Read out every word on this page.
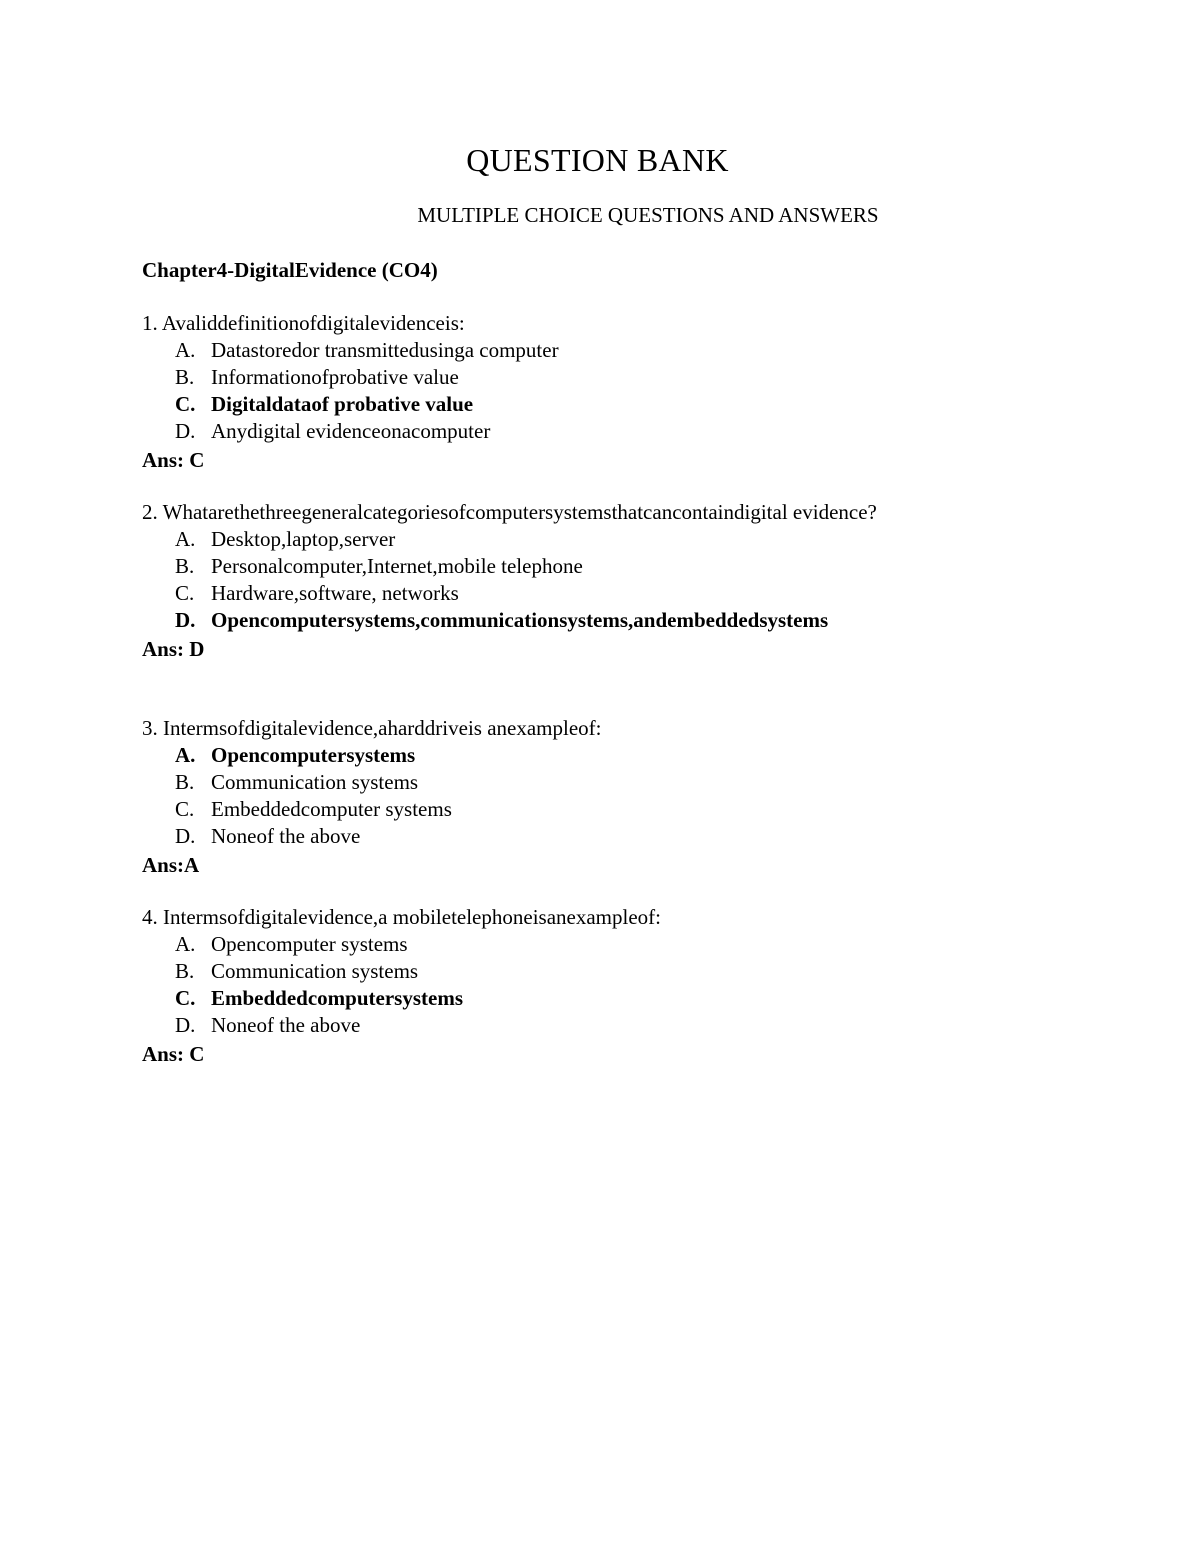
QUESTION BANK
MULTIPLE CHOICE QUESTIONS AND ANSWERS
Chapter4-DigitalEvidence (CO4)

1. Avaliddefinitionofdigitalevidenceis:

A. Datastoredor transmittedusinga computer
B. Informationofprobative value
C. Digitaldataof probative value
D. Anydigital evidenceonacomputer
Ans: C

2. Whatarethethreegeneralcategoriesofcomputersystemsthatcancontaindigital evidence?

A. Desktop,laptop,server
B. Personalcomputer,Internet,mobile telephone
C. Hardware,software, networks
D. Opencomputersystems,communicationsystems,andembeddedsystems
Ans: D

3. Intermsofdigitalevidence,aharddriveis anexampleof:

A. Opencomputersystems
B. Communication systems
C. Embeddedcomputer systems
D. Noneof the above
Ans:A

4. Intermsofdigitalevidence,a mobiletelephoneisanexampleof:

A. Opencomputer systems
B. Communication systems
C. Embeddedcomputersystems
D. Noneof the above
Ans: C
